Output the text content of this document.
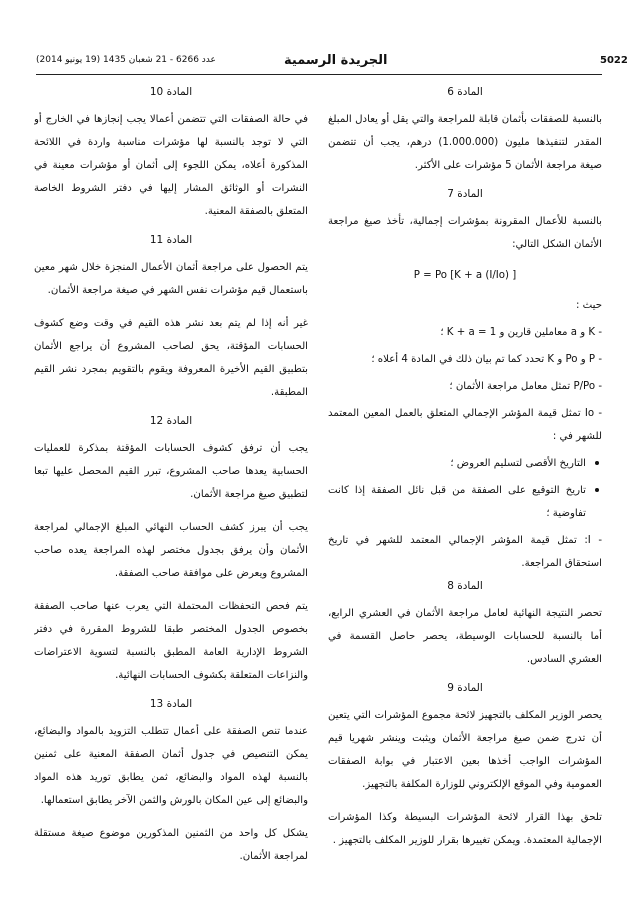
5022
الجريدة الرسمية
عدد 6266 - 21 شعبان 1435 (19 يونيو 2014)
المادة 6

بالنسبة للصفقات بأثمان قابلة للمراجعة والتي يقل أو يعادل المبلغ المقدر لتنفيذها مليون (1.000.000) درهم، يجب أن تتضمن صيغة مراجعة الأثمان 5 مؤشرات على الأكثر.

المادة 7

بالنسبة للأعمال المقرونة بمؤشرات إجمالية، تأخذ صيغ مراجعة الأثمان الشكل التالي:

P = Po [K + a (I/Io) ]

حيث :

- K و a معاملين قارين و K + a = 1 ؛

- P و Po و K تحدد كما تم بيان ذلك في المادة 4 أعلاه ؛

- P/Po تمثل معامل مراجعة الأثمان ؛

- Io تمثل قيمة المؤشر الإجمالي المتعلق بالعمل المعين المعتمد للشهر في :

التاريخ الأقصى لتسليم العروض ؛

تاريخ التوقيع على الصفقة من قبل نائل الصفقة إذا كانت تفاوضية ؛

- I: تمثل قيمة المؤشر الإجمالي المعتمد للشهر في تاريخ استحقاق المراجعة.

المادة 8

تحصر النتيجة النهائية لعامل مراجعة الأثمان في العشري الرابع، أما بالنسبة للحسابات الوسيطة، يحصر حاصل القسمة في العشري السادس.

المادة 9

يحصر الوزير المكلف بالتجهيز لائحة مجموع المؤشرات التي يتعين أن تدرج ضمن صيغ مراجعة الأثمان ويثبت وينشر شهريا قيم المؤشرات الواجب أخذها بعين الاعتبار في بوابة الصفقات العمومية وفي الموقع الإلكتروني للوزارة المكلفة بالتجهيز.

تلحق بهذا القرار لائحة المؤشرات البسيطة وكذا المؤشرات الإجمالية المعتمدة. ويمكن تغييرها بقرار للوزير المكلف بالتجهيز .

المادة 10

في حالة الصفقات التي تتضمن أعمالا يجب إنجازها في الخارج أو التي لا توجد بالنسبة لها مؤشرات مناسبة واردة في اللائحة المذكورة أعلاه، يمكن اللجوء إلى أثمان أو مؤشرات معينة في النشرات أو الوثائق المشار إليها في دفتر الشروط الخاصة المتعلق بالصفقة المعنية.

المادة 11

يتم الحصول على مراجعة أثمان الأعمال المنجزة خلال شهر معين باستعمال قيم مؤشرات نفس الشهر في صيغة مراجعة الأثمان.

غير أنه إذا لم يتم بعد نشر هذه القيم في وقت وضع كشوف الحسابات المؤقتة، يحق لصاحب المشروع أن يراجع الأثمان بتطبيق القيم الأخيرة المعروفة ويقوم بالتقويم بمجرد نشر القيم المطبقة.

المادة 12

يجب أن ترفق كشوف الحسابات المؤقتة بمذكرة للعمليات الحسابية يعدها صاحب المشروع، تبرر القيم المحصل عليها تبعا لتطبيق صيغ مراجعة الأثمان.

يجب أن يبرز كشف الحساب النهائي المبلغ الإجمالي لمراجعة الأثمان وأن يرفق بجدول مختصر لهذه المراجعة يعده صاحب المشروع ويعرض على موافقة صاحب الصفقة.

يتم فحص التحفظات المحتملة التي يعرب عنها صاحب الصفقة بخصوص الجدول المختصر طبقا للشروط المقررة في دفتر الشروط الإدارية العامة المطبق بالنسبة لتسوية الاعتراضات والنزاعات المتعلقة بكشوف الحسابات النهائية.

المادة 13

عندما تنص الصفقة على أعمال تتطلب التزويد بالمواد والبضائع، يمكن التنصيص في جدول أثمان الصفقة المعنية على ثمنين بالنسبة لهذه المواد والبضائع، ثمن يطابق توريد هذه المواد والبضائع إلى عين المكان بالورش والثمن الآخر يطابق استعمالها.

يشكل كل واحد من الثمنين المذكورين موضوع صيغة مستقلة لمراجعة الأثمان.
